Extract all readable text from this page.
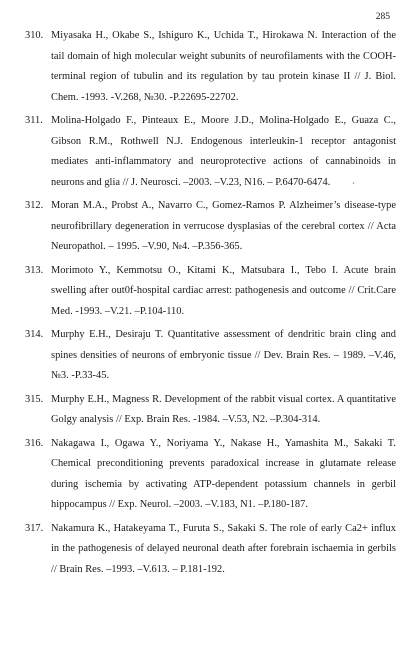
285
310. Miyasaka H., Okabe S., Ishiguro K., Uchida T., Hirokawa N. Interaction of the tail domain of high molecular weight subunits of neurofilaments with the COOH-terminal region of tubulin and its regulation by tau protein kinase II // J. Biol. Chem. -1993. -V.268, №30. -P.22695-22702.
311. Molina-Holgado F., Pinteaux E., Moore J.D., Molina-Holgado E., Guaza C., Gibson R.M., Rothwell N.J. Endogenous interleukin-1 receptor antagonist mediates anti-inflammatory and neuroprotective actions of cannabinoids in neurons and glia // J. Neurosci. –2003. –V.23, N16. – P.6470-6474.
312. Moran M.A., Probst A., Navarro C., Gomez-Ramos P. Alzheimer’s disease-type neurofibrillary degeneration in verrucose dysplasias of the cerebral cortex // Acta Neuropathol. – 1995. –V.90, №4. –P.356-365.
313. Morimoto Y., Kemmotsu O., Kitami K., Matsubara I., Tebo I. Acute brain swelling after out0f-hospital cardiac arrest: pathogenesis and outcome // Crit.Care Med. -1993. –V.21. –P.104-110.
314. Murphy E.H., Desiraju T. Quantitative assessment of dendritic brain cling and spines densities of neurons of embryonic tissue // Dev. Brain Res. – 1989. –V.46, №3. -P.33-45.
315. Murphy E.H., Magness R. Development of the rabbit visual cortex. A quantitative Golgy analysis // Exp. Brain Res. -1984. –V.53, N2. –P.304-314.
316. Nakagawa I., Ogawa Y., Noriyama Y., Nakase H., Yamashita M., Sakaki T. Chemical preconditioning prevents paradoxical increase in glutamate release during ischemia by activating ATP-dependent potassium channels in gerbil hippocampus // Exp. Neurol. –2003. –V.183, N1. –P.180-187.
317. Nakamura K., Hatakeyama T., Furuta S., Sakaki S. The role of early Ca2+ influx in the pathogenesis of delayed neuronal death after forebrain ischaemia in gerbils // Brain Res. –1993. –V.613. – P.181-192.
ˊ
